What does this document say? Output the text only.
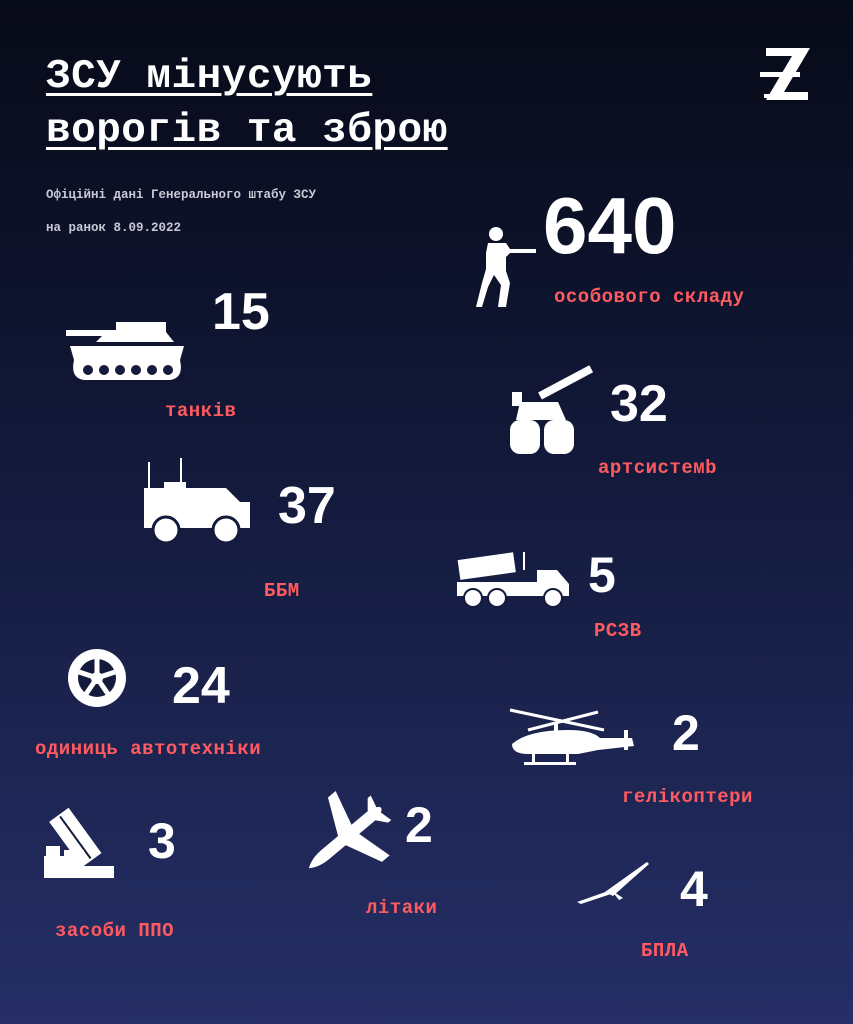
ЗСУ мінусують
ворогів та зброю
Офіційні дані Генерального штабу ЗСУ
на ранок 8.09.2022	640
особового складу
15
танків	32
артсистемb
37
ББМ	5
РСЗВ
24
одиниць автотехніки	2
гелікоптери
3
засоби ППО
2
літаки	4
БПЛА
